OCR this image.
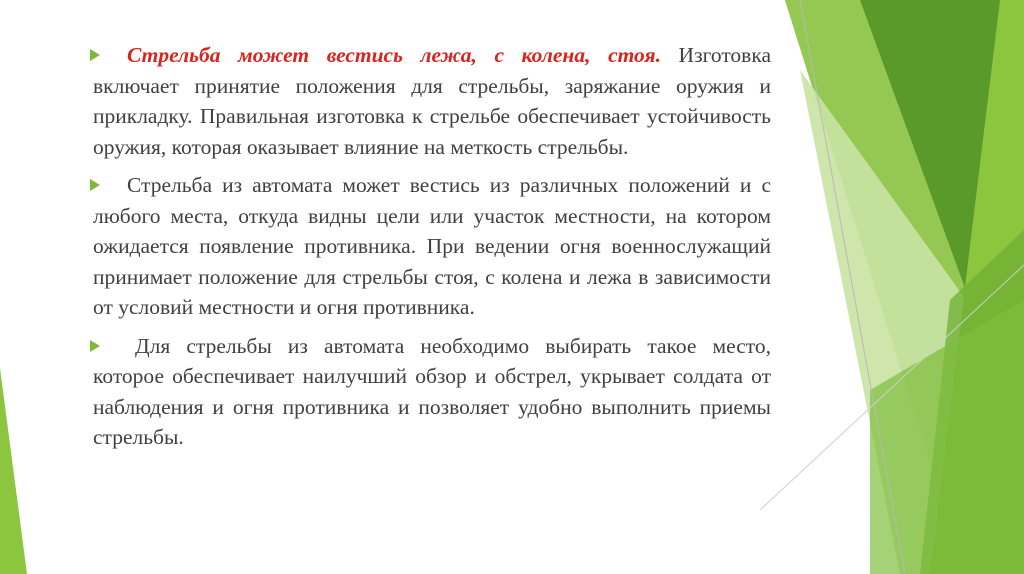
Стрельба может вестись лежа, с колена, стоя. Изготовка включает принятие положения для стрельбы, заряжание оружия и прикладку. Правильная изготовка к стрельбе обеспечивает устойчивость оружия, которая оказывает влияние на меткость стрельбы.

Стрельба из автомата может вестись из различных положений и с любого места, откуда видны цели или участок местности, на котором ожидается появление противника. При ведении огня военнослужащий принимает положение для стрельбы стоя, с колена и лежа в зависимости от условий местности и огня противника.

Для стрельбы из автомата необходимо выбирать такое место, которое обеспечивает наилучший обзор и обстрел, укрывает солдата от наблюдения и огня противника и позволяет удобно выполнить приемы стрельбы.
